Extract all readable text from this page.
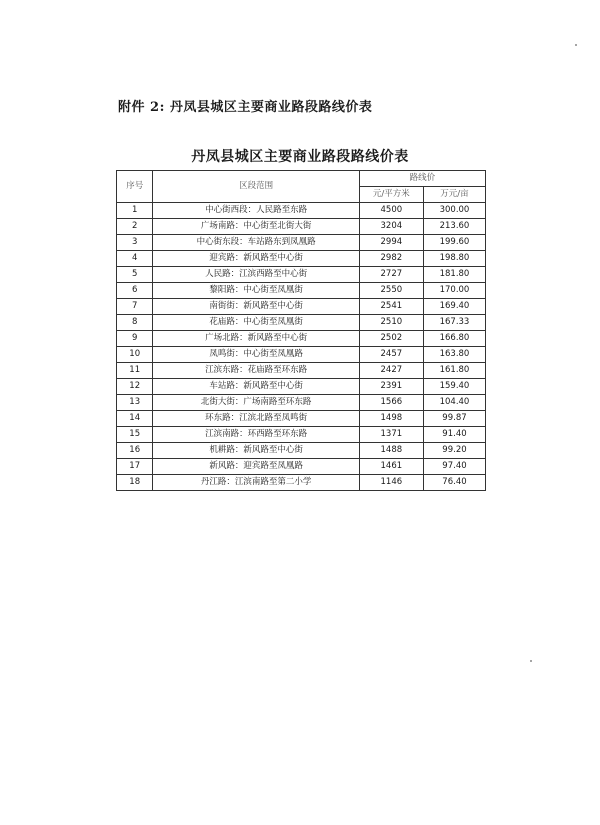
附件 2: 丹凤县城区主要商业路段路线价表
丹凤县城区主要商业路段路线价表
序号	区段范围	路线价	
		元/平方米	万元/亩
1	中心街西段：人民路至东路	4500	300.00
2	广场南路：中心街至北街大街	3204	213.60
3	中心街东段：车站路东到凤凰路	2994	199.60
4	迎宾路：新风路至中心街	2982	198.80
5	人民路：江滨西路至中心街	2727	181.80
6	黎阳路：中心街至凤凰街	2550	170.00
7	南街街：新风路至中心街	2541	169.40
8	花庙路：中心街至凤凰街	2510	167.33
9	广场北路：新风路至中心街	2502	166.80
10	凤鸣街：中心街至凤凰路	2457	163.80
11	江滨东路：花庙路至环东路	2427	161.80
12	车站路：新风路至中心街	2391	159.40
13	北街大街：广场南路至环东路	1566	104.40
14	环东路：江滨北路至凤鸣街	1498	99.87
15	江滨南路：环西路至环东路	1371	91.40
16	机耕路：新风路至中心街	1488	99.20
17	新风路：迎宾路至凤凰路	1461	97.40
18	丹江路：江滨南路至第二小学	1146	76.40
